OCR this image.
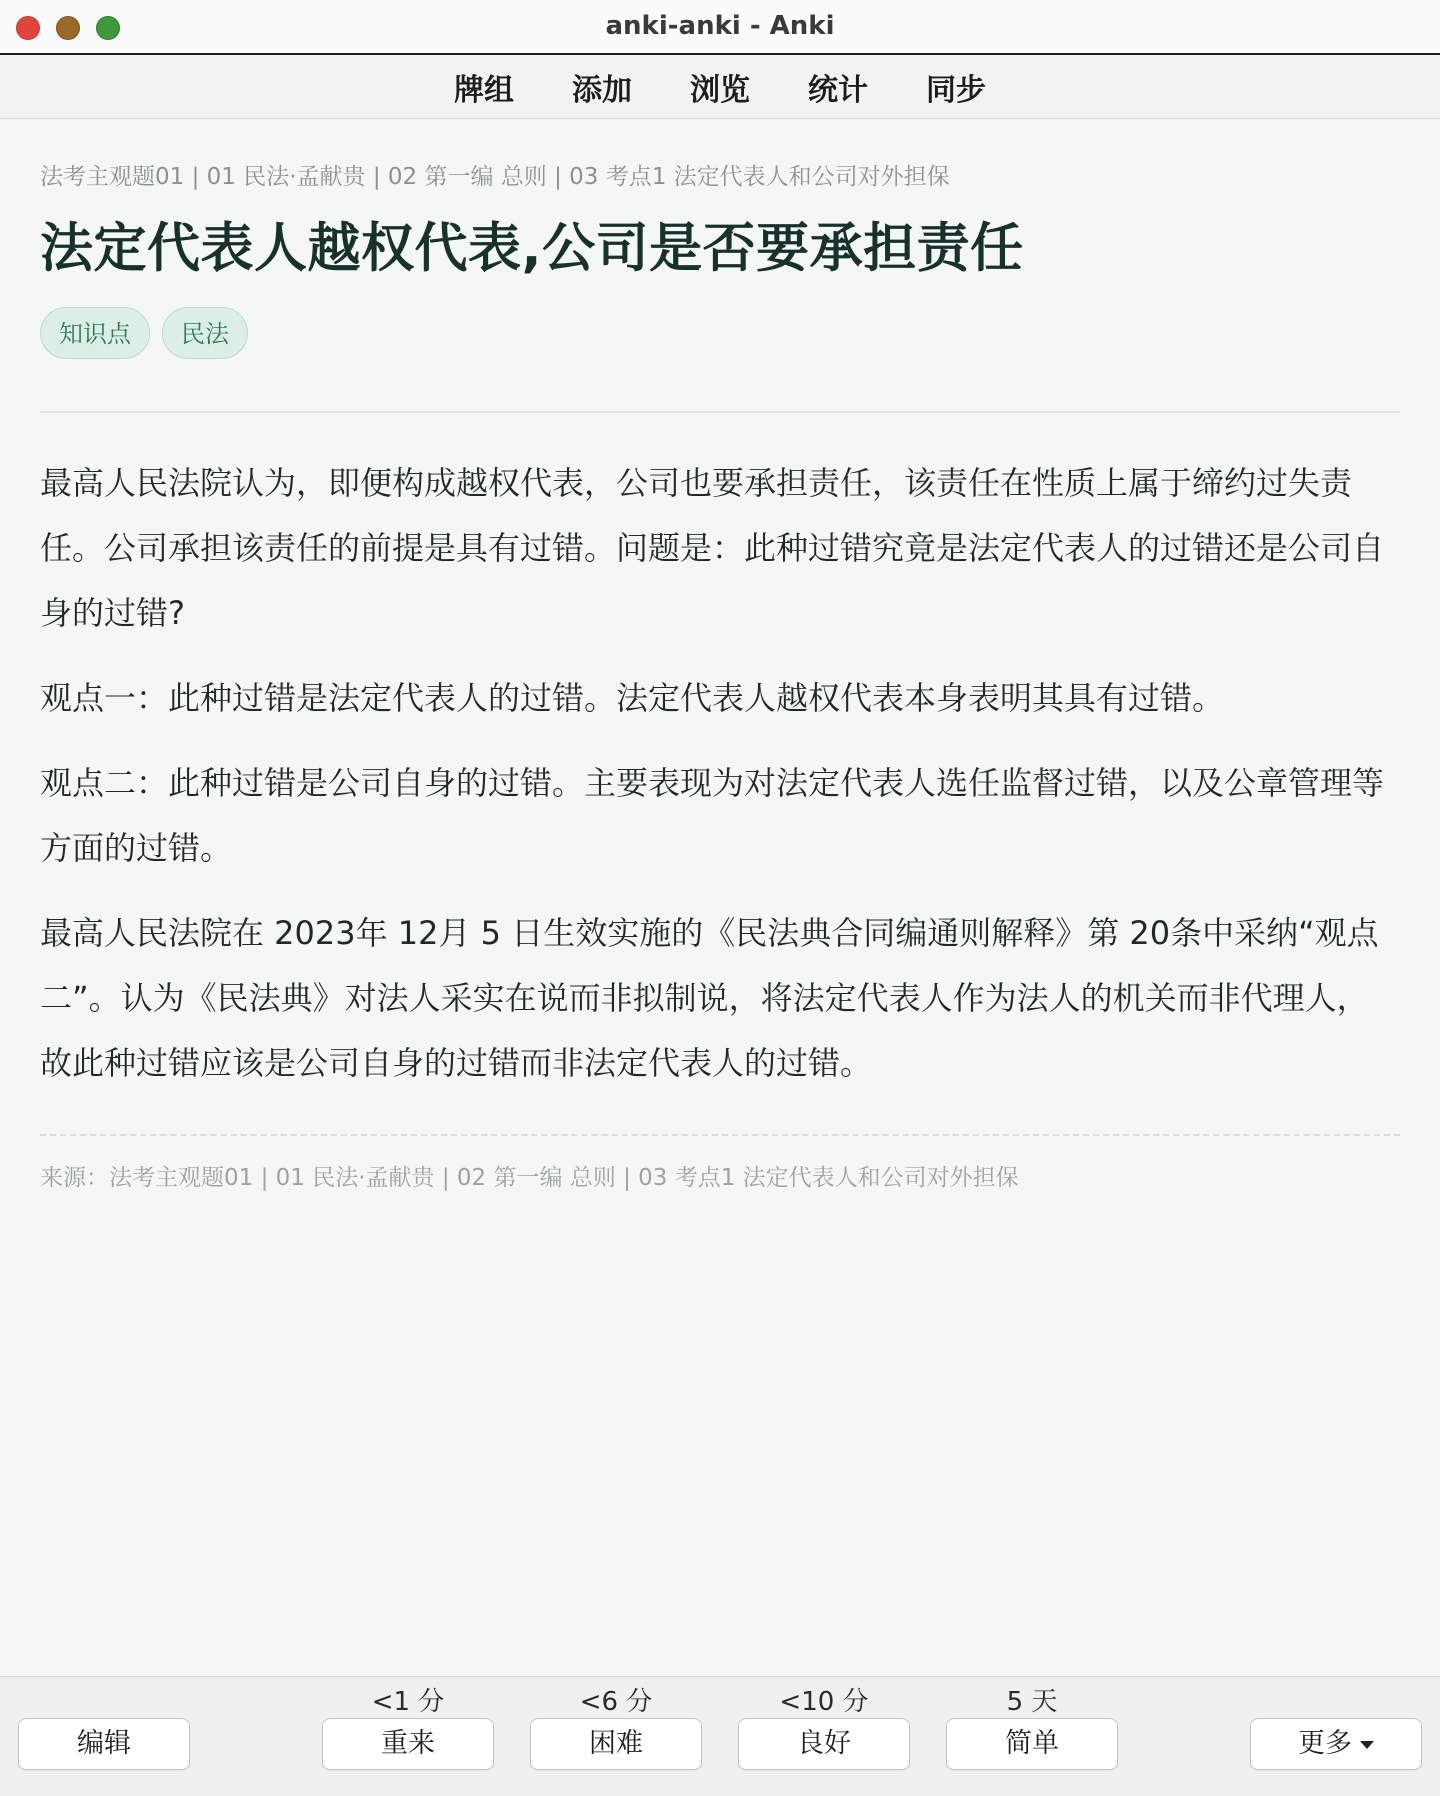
anki-anki - Anki
牌组 添加 浏览 统计 同步
法考主观题01 | 01 民法·孟献贵 | 02 第一编 总则 | 03 考点1 法定代表人和公司对外担保
法定代表人越权代表,公司是否要承担责任
知识点	民法

最高人民法院认为，即便构成越权代表，公司也要承担责任，该责任在性质上属于缔约过失责任。公司承担该责任的前提是具有过错。问题是：此种过错究竟是法定代表人的过错还是公司自身的过错?

观点一：此种过错是法定代表人的过错。法定代表人越权代表本身表明其具有过错。

观点二：此种过错是公司自身的过错。主要表现为对法定代表人选任监督过错，以及公章管理等方面的过错。

最高人民法院在 2023年 12月 5 日生效实施的《民法典合同编通则解释》第 20条中采纳“观点二”。认为《民法典》对法人采实在说而非拟制说，将法定代表人作为法人的机关而非代理人，故此种过错应该是公司自身的过错而非法定代表人的过错。

来源：法考主观题01 | 01 民法·孟献贵 | 02 第一编 总则 | 03 考点1 法定代表人和公司对外担保
编辑
<1 分
重来
<6 分
困难
<10 分
良好
5 天
简单	更多
